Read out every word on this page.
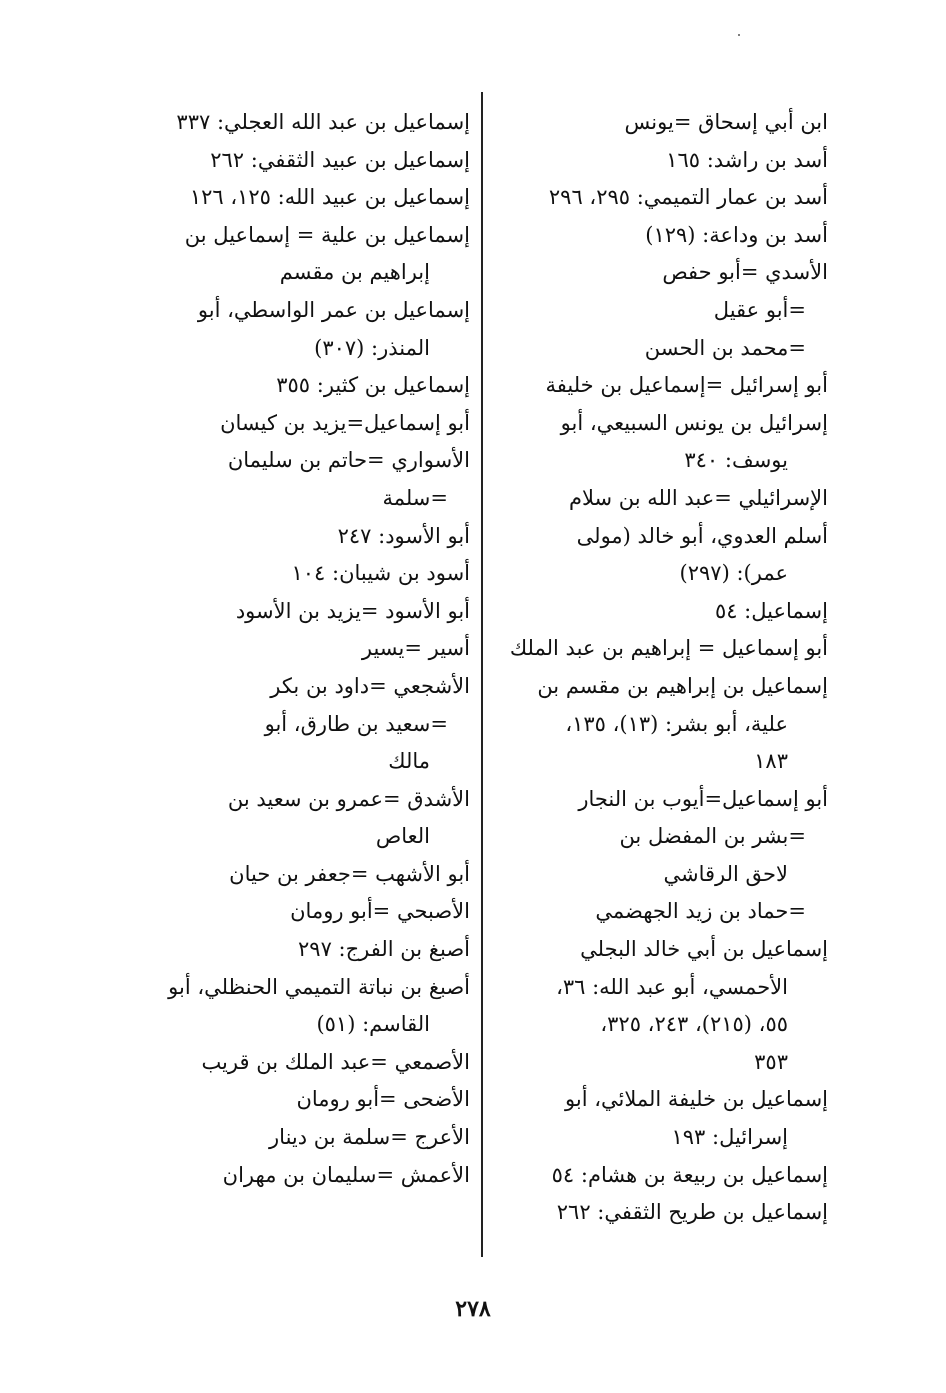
ابن أبي إسحاق =يونس
أسد بن راشد: ١٦٥
أسد بن عمار التميمي: ٢٩٥، ٢٩٦
أسد بن وداعة: (١٢٩)
الأسدي =أبو حفص
=أبو عقيل
=محمد بن الحسن
أبو إسرائيل =إسماعيل بن خليفة
إسرائيل بن يونس السبيعي، أبو
يوسف: ٣٤٠
الإسرائيلي =عبد الله بن سلام
أسلم العدوي، أبو خالد (مولى
عمر): (٢٩٧)
إسماعيل: ٥٤
أبو إسماعيل = إبراهيم بن عبد الملك
إسماعيل بن إبراهيم بن مقسم بن
علية، أبو بشر: (١٣)، ١٣٥،
١٨٣
أبو إسماعيل=أيوب بن النجار
=بشر بن المفضل بن
لاحق الرقاشي
=حماد بن زيد الجهضمي
إسماعيل بن أبي خالد البجلي
الأحمسي، أبو عبد الله: ٣٦،
٥٥، (٢١٥)، ٢٤٣، ٣٢٥،
٣٥٣
إسماعيل بن خليفة الملائي، أبو
إسرائيل: ١٩٣
إسماعيل بن ربيعة بن هشام: ٥٤
إسماعيل بن طريح الثقفي: ٢٦٢
إسماعيل بن عبد الله العجلي: ٣٣٧
إسماعيل بن عبيد الثقفي: ٢٦٢
إسماعيل بن عبيد الله: ١٢٥، ١٢٦
إسماعيل بن علية = إسماعيل بن
إبراهيم بن مقسم
إسماعيل بن عمر الواسطي، أبو
المنذر: (٣٠٧)
إسماعيل بن كثير: ٣٥٥
أبو إسماعيل=يزيد بن كيسان
الأسواري =حاتم بن سليمان
=سلمة
أبو الأسود: ٢٤٧
أسود بن شيبان: ١٠٤
أبو الأسود =يزيد بن الأسود
أسير =يسير
الأشجعي =داود بن بكر
=سعيد بن طارق، أبو
مالك
الأشدق =عمرو بن سعيد بن
العاص
أبو الأشهب =جعفر بن حيان
الأصبحي =أبو رومان
أصبغ بن الفرج: ٢٩٧
أصبغ بن نباتة التميمي الحنظلي، أبو
القاسم: (٥١)
الأصمعي =عبد الملك بن قريب
الأضحى =أبو رومان
الأعرج =سلمة بن دينار
الأعمش =سليمان بن مهران
٢٧٨
